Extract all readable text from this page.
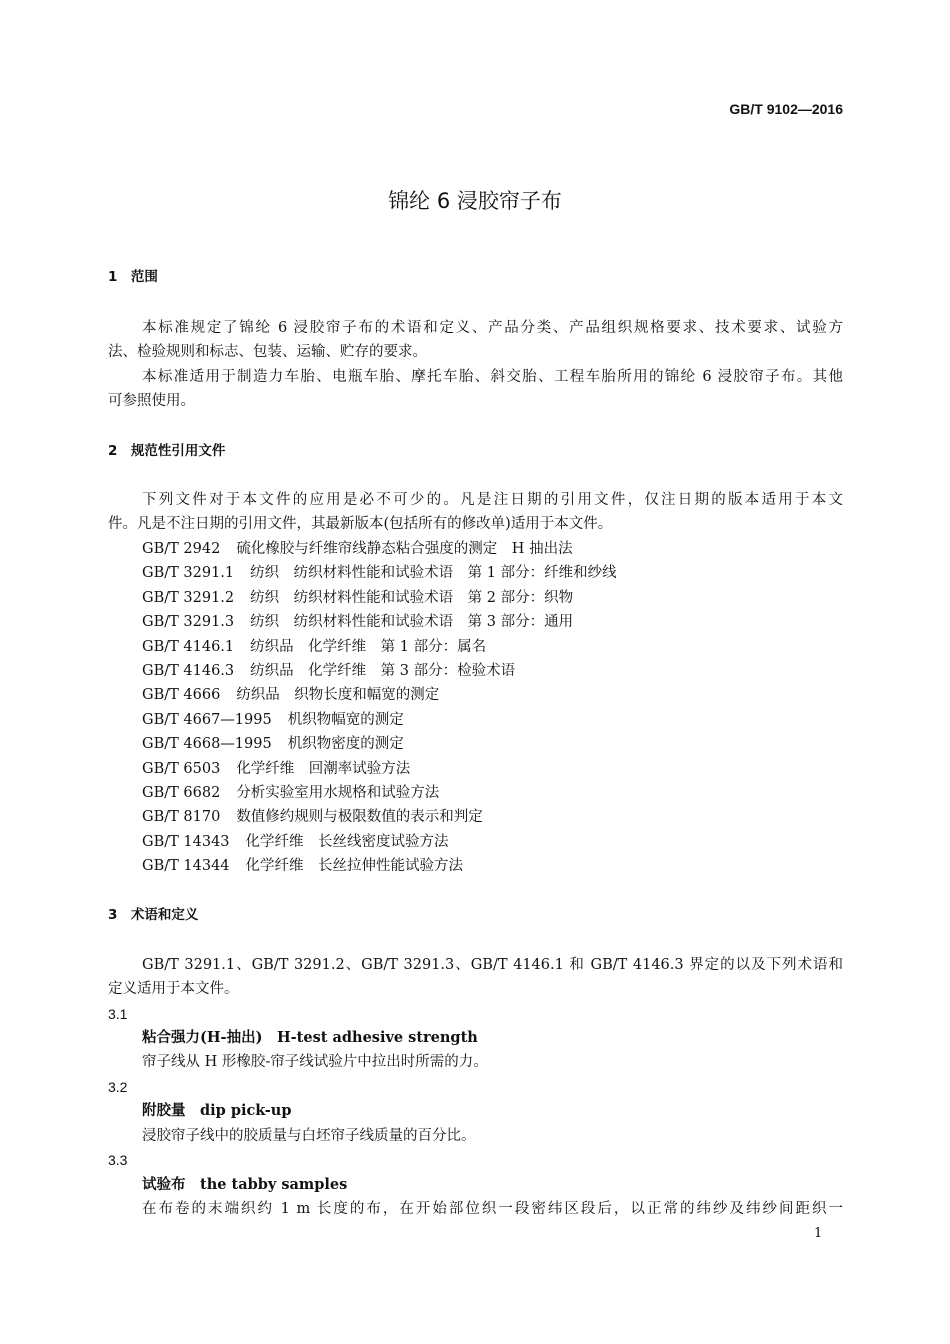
GB/T 9102—2016
锦纶 6 浸胶帘子布
1　范围
本标准规定了锦纶 6 浸胶帘子布的术语和定义、产品分类、产品组织规格要求、技术要求、试验方
法、检验规则和标志、包装、运输、贮存的要求。
本标准适用于制造力车胎、电瓶车胎、摩托车胎、斜交胎、工程车胎所用的锦纶 6 浸胶帘子布。其他
可参照使用。
2　规范性引用文件
下列文件对于本文件的应用是必不可少的。凡是注日期的引用文件，仅注日期的版本适用于本文
件。凡是不注日期的引用文件，其最新版本(包括所有的修改单)适用于本文件。
GB/T 2942 硫化橡胶与纤维帘线静态粘合强度的测定　H 抽出法
GB/T 3291.1 纺织　纺织材料性能和试验术语　第 1 部分：纤维和纱线
GB/T 3291.2 纺织　纺织材料性能和试验术语　第 2 部分：织物
GB/T 3291.3 纺织　纺织材料性能和试验术语　第 3 部分：通用
GB/T 4146.1 纺织品　化学纤维　第 1 部分：属名
GB/T 4146.3 纺织品　化学纤维　第 3 部分：检验术语
GB/T 4666 纺织品　织物长度和幅宽的测定
GB/T 4667—1995 机织物幅宽的测定
GB/T 4668—1995 机织物密度的测定
GB/T 6503 化学纤维　回潮率试验方法
GB/T 6682 分析实验室用水规格和试验方法
GB/T 8170 数值修约规则与极限数值的表示和判定
GB/T 14343 化学纤维　长丝线密度试验方法
GB/T 14344 化学纤维　长丝拉伸性能试验方法
3　术语和定义
GB/T 3291.1、GB/T 3291.2、GB/T 3291.3、GB/T 4146.1 和 GB/T 4146.3 界定的以及下列术语和
定义适用于本文件。
3.1
粘合强力(H-抽出)　H-test adhesive strength
帘子线从 H 形橡胶-帘子线试验片中拉出时所需的力。
3.2
附胶量　dip pick-up
浸胶帘子线中的胶质量与白坯帘子线质量的百分比。
3.3
试验布　the tabby samples
在布卷的末端织约 1 m 长度的布，在开始部位织一段密纬区段后，以正常的纬纱及纬纱间距织一
1
